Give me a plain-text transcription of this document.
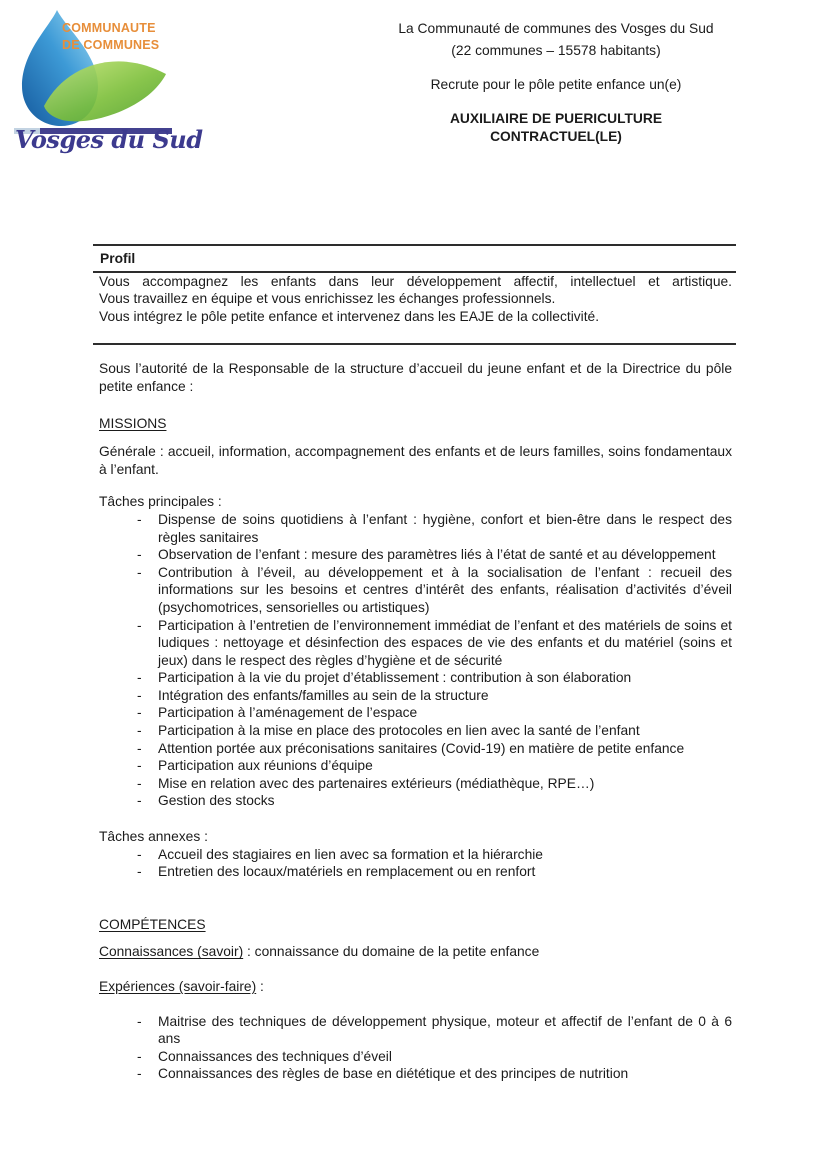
COMMUNAUTE
DE COMMUNES
Vosges du Sud
La Communauté de communes des Vosges du Sud
(22 communes – 15578 habitants)
Recrute pour le pôle petite enfance un(e)
AUXILIAIRE DE PUERICULTURE
CONTRACTUEL(LE)
Profil
Vous accompagnez les enfants dans leur développement affectif, intellectuel et artistique.
Vous travaillez en équipe et vous enrichissez les échanges professionnels.
Vous intégrez le pôle petite enfance et intervenez dans les EAJE de la collectivité.

Sous l’autorité de la Responsable de la structure d’accueil du jeune enfant et de la Directrice du pôle petite enfance :

MISSIONS

Générale : accueil, information, accompagnement des enfants et de leurs familles, soins fondamentaux à l’enfant.

Tâches principales :
- Dispense de soins quotidiens à l’enfant : hygiène, confort et bien-être dans le respect des règles sanitaires
- Observation de l’enfant : mesure des paramètres liés à l’état de santé et au développement
- Contribution à l’éveil, au développement et à la socialisation de l’enfant : recueil des informations sur les besoins et centres d’intérêt des enfants, réalisation d’activités d’éveil (psychomotrices, sensorielles ou artistiques)
- Participation à l’entretien de l’environnement immédiat de l’enfant et des matériels de soins et ludiques : nettoyage et désinfection des espaces de vie des enfants et du matériel (soins et jeux) dans le respect des règles d’hygiène et de sécurité
- Participation à la vie du projet d’établissement : contribution à son élaboration
- Intégration des enfants/familles au sein de la structure
- Participation à l’aménagement de l’espace
- Participation à la mise en place des protocoles en lien avec la santé de l’enfant
- Attention portée aux préconisations sanitaires (Covid-19) en matière de petite enfance
- Participation aux réunions d’équipe
- Mise en relation avec des partenaires extérieurs (médiathèque, RPE…)
- Gestion des stocks
Tâches annexes :
- Accueil des stagiaires en lien avec sa formation et la hiérarchie
- Entretien des locaux/matériels en remplacement ou en renfort
COMPÉTENCES

Connaissances (savoir) : connaissance du domaine de la petite enfance

Expériences (savoir-faire) :

- Maitrise des techniques de développement physique, moteur et affectif de l’enfant de 0 à 6 ans
- Connaissances des techniques d’éveil
- Connaissances des règles de base en diététique et des principes de nutrition
